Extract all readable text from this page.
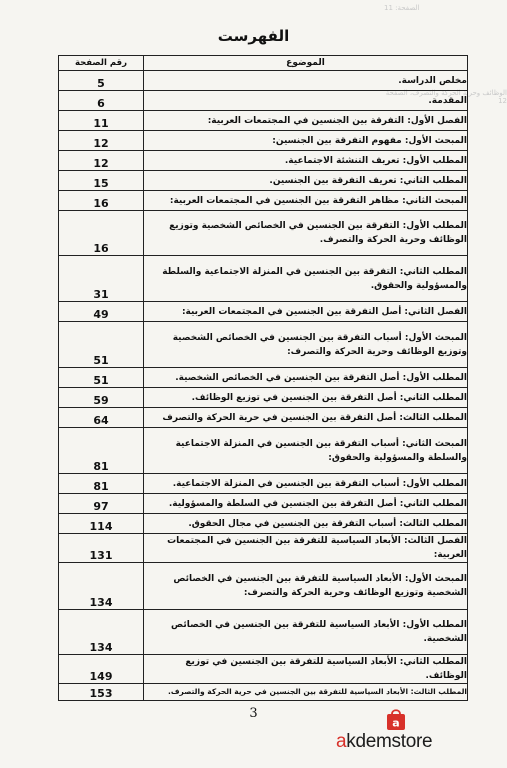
الفهرست
الصفحة: 11
الوظائف وحرية الحركة والتصرف، الصفحة 12
الموضوع	رقم الصفحة
مخلص الدراسة.	5
المقدمة.	6
الفصل الأول: التفرقة بين الجنسين في المجتمعات العربية:	11
المبحث الأول: مفهوم التفرقة بين الجنسين:	12
المطلب الأول: تعريف التنشئة الاجتماعية.	12
المطلب الثاني: تعريف التفرقة بين الجنسين.	15
المبحث الثاني: مظاهر التفرقة بين الجنسين في المجتمعات العربية:	16
المطلب الأول: التفرقة بين الجنسين في الخصائص الشخصية وتوزيع الوظائف وحرية الحركة والتصرف.	16
المطلب الثاني: التفرقة بين الجنسين في المنزلة الاجتماعية والسلطة والمسؤولية والحقوق.	31
الفصل الثاني: أصل التفرقة بين الجنسين في المجتمعات العربية:	49
المبحث الأول: أسباب التفرقة بين الجنسين في الخصائص الشخصية وتوزيع الوظائف وحرية الحركة والتصرف:	51
المطلب الأول: أصل التفرقة بين الجنسين في الخصائص الشخصية.	51
المطلب الثاني: أصل التفرقة بين الجنسين في توزيع الوظائف.	59
المطلب الثالث: أصل التفرقة بين الجنسين في حرية الحركة والتصرف	64
المبحث الثاني: أسباب التفرقة بين الجنسين في المنزلة الاجتماعية والسلطة والمسؤولية والحقوق:	81
المطلب الأول: أسباب التفرقة بين الجنسين في المنزلة الاجتماعية.	81
المطلب الثاني: أصل التفرقة بين الجنسين في السلطة والمسؤولية.	97
المطلب الثالث: أسباب التفرقة بين الجنسين في مجال الحقوق.	114
الفصل الثالث: الأبعاد السياسية للتفرقة بين الجنسين في المجتمعات العربية:	131
المبحث الأول: الأبعاد السياسية للتفرقة بين الجنسين في الخصائص الشخصية وتوزيع الوظائف وحرية الحركة والتصرف:	134
المطلب الأول: الأبعاد السياسية للتفرقة بين الجنسين في الخصائص الشخصية.	134
المطلب الثاني: الأبعاد السياسية للتفرقة بين الجنسين في توزيع الوظائف.	149
المطلب الثالث: الأبعاد السياسية للتفرقة بين الجنسين في حرية الحركة والتصرف.	153
3
a
akdemstore
